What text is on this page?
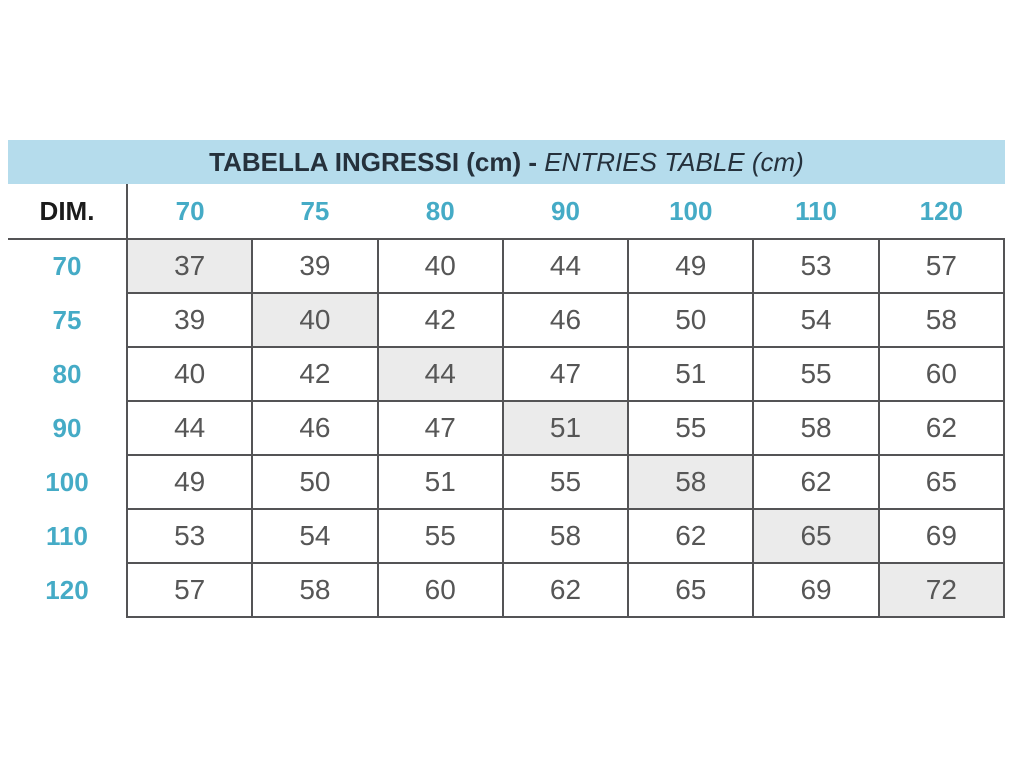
TABELLA INGRESSI (cm) - ENTRIES TABLE (cm)
DIM.	70	75	80	90	100	110	120
70	37	39	40	44	49	53	57
75	39	40	42	46	50	54	58
80	40	42	44	47	51	55	60
90	44	46	47	51	55	58	62
100	49	50	51	55	58	62	65
110	53	54	55	58	62	65	69
120	57	58	60	62	65	69	72
